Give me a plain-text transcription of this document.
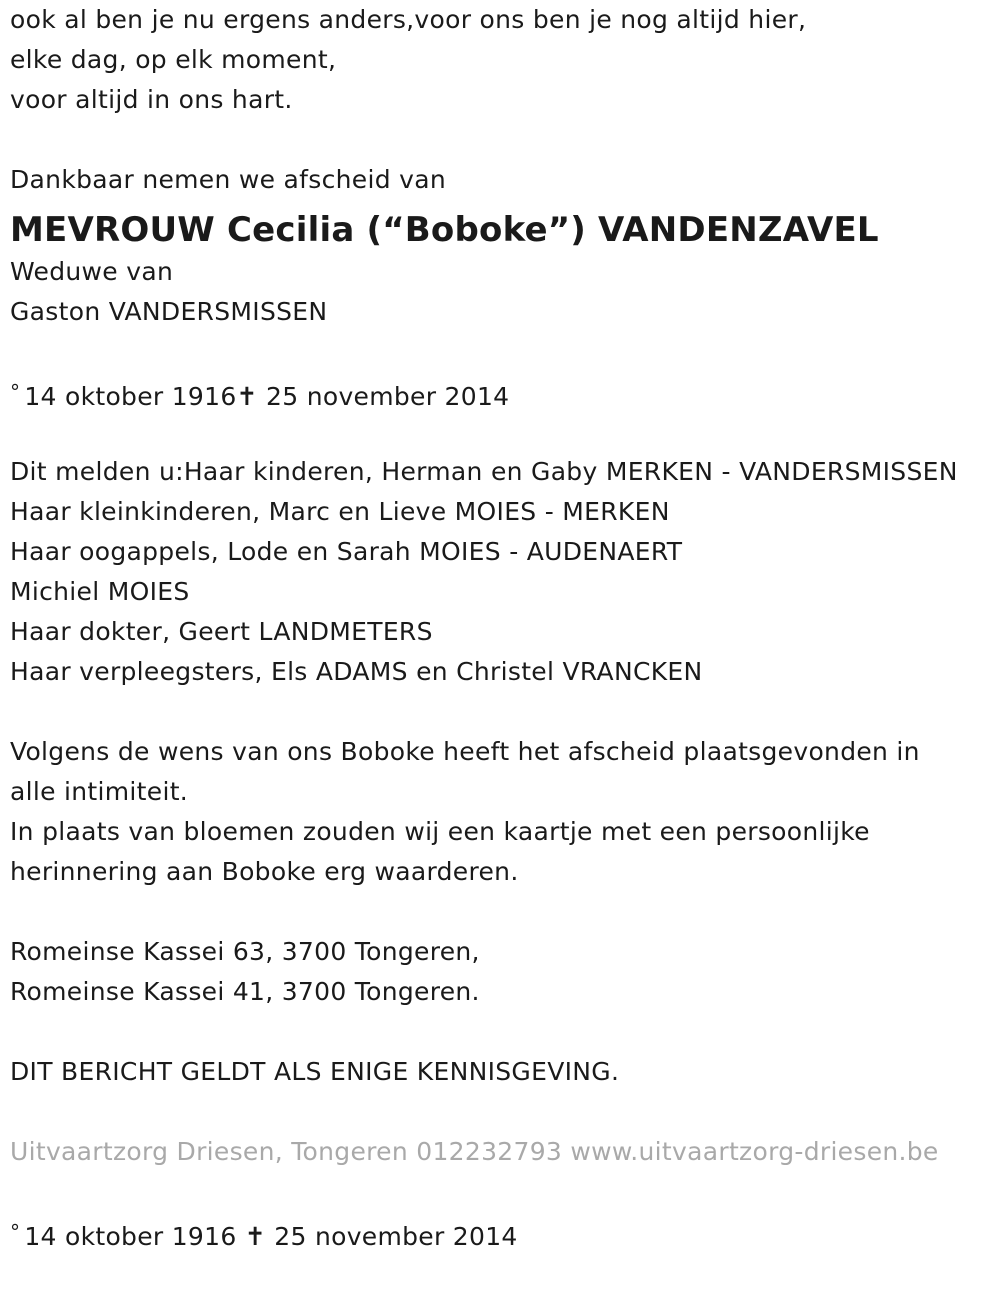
ook al ben je nu ergens anders,voor ons ben je nog altijd hier,
elke dag, op elk moment,
voor altijd in ons hart.
Dankbaar nemen we afscheid van
MEVROUW Cecilia (“Boboke”) VANDENZAVEL
Weduwe van
Gaston VANDERSMISSEN
° 14 oktober 1916✝ 25 november 2014
Dit melden u:Haar kinderen, Herman en Gaby MERKEN - VANDERSMISSEN
Haar kleinkinderen, Marc en Lieve MOIES - MERKEN
Haar oogappels, Lode en Sarah MOIES - AUDENAERT
Michiel MOIES
Haar dokter, Geert LANDMETERS
Haar verpleegsters, Els ADAMS en Christel VRANCKEN
Volgens de wens van ons Boboke heeft het afscheid plaatsgevonden in
alle intimiteit.
In plaats van bloemen zouden wij een kaartje met een persoonlijke
herinnering aan Boboke erg waarderen.
Romeinse Kassei 63, 3700 Tongeren,
Romeinse Kassei 41, 3700 Tongeren.
DIT BERICHT GELDT ALS ENIGE KENNISGEVING.
Uitvaartzorg Driesen, Tongeren 012232793 www.uitvaartzorg-driesen.be
° 14 oktober 1916 ✝ 25 november 2014
